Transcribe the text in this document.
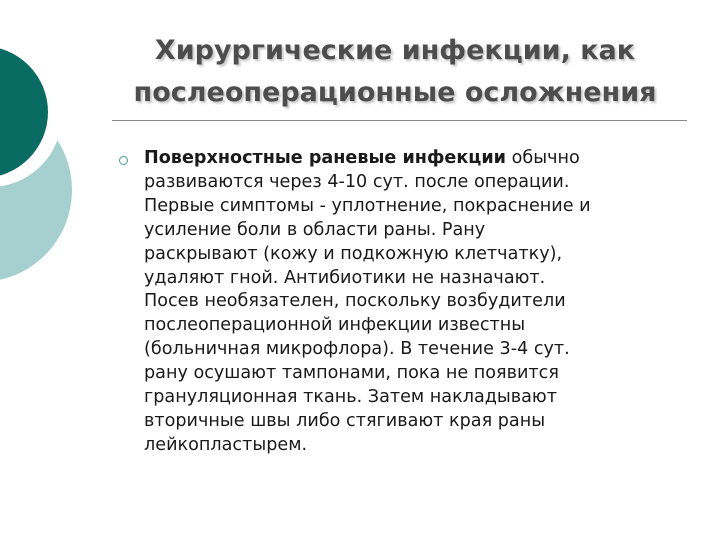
Хирургические инфекции, как
послеоперационные осложнения
Поверхностные раневые инфекции обычно
развиваются через 4-10 сут. после операции.
Первые симптомы - уплотнение, покраснение и
усиление боли в области раны. Рану
раскрывают (кожу и подкожную клетчатку),
удаляют гной. Антибиотики не назначают.
Посев необязателен, поскольку возбудители
послеоперационной инфекции известны
(больничная микрофлора). В течение 3-4 сут.
рану осушают тампонами, пока не появится
грануляционная ткань. Затем накладывают
вторичные швы либо стягивают края раны
лейкопластырем.
